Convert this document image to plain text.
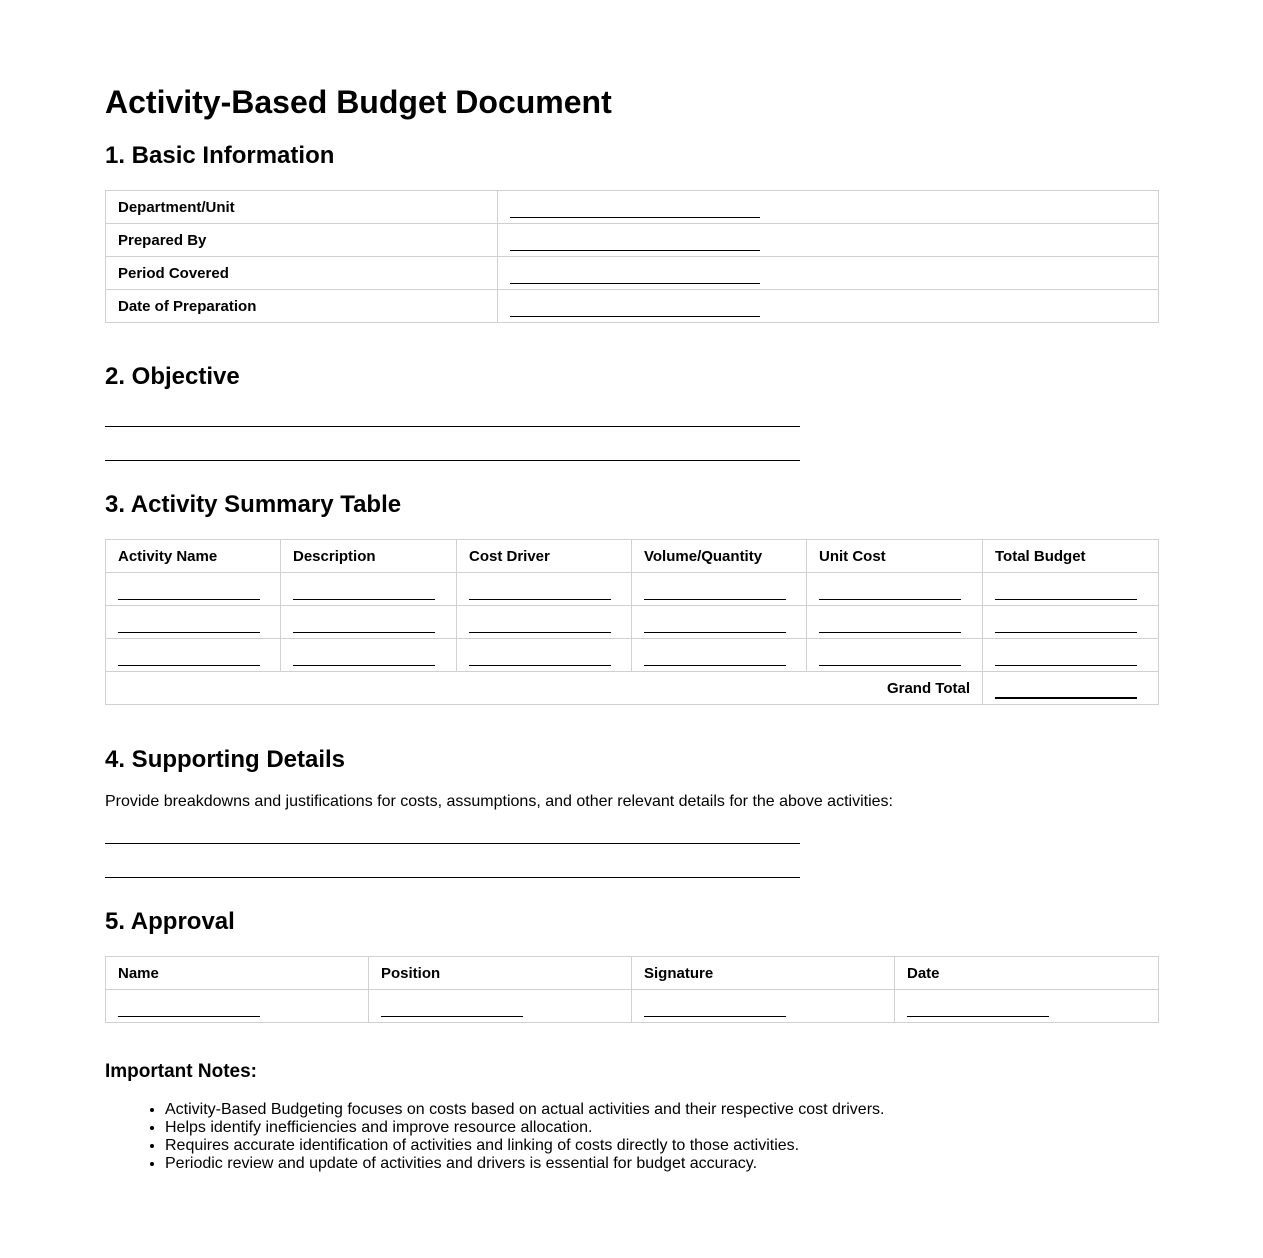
Activity-Based Budget Document
1. Basic Information
Department/Unit	
Prepared By	
Period Covered	
Date of Preparation	
2. Objective
3. Activity Summary Table
Activity Name	Description	Cost Driver	Volume/Quantity	Unit Cost	Total Budget

Grand Total					
4. Supporting Details

Provide breakdowns and justifications for costs, assumptions, and other relevant details for the above activities:

5. Approval
Name	Position	Signature	Date

Important Notes:

• Activity-Based Budgeting focuses on costs based on actual activities and their respective cost drivers.
• Helps identify inefficiencies and improve resource allocation.
• Requires accurate identification of activities and linking of costs directly to those activities.
• Periodic review and update of activities and drivers is essential for budget accuracy.
